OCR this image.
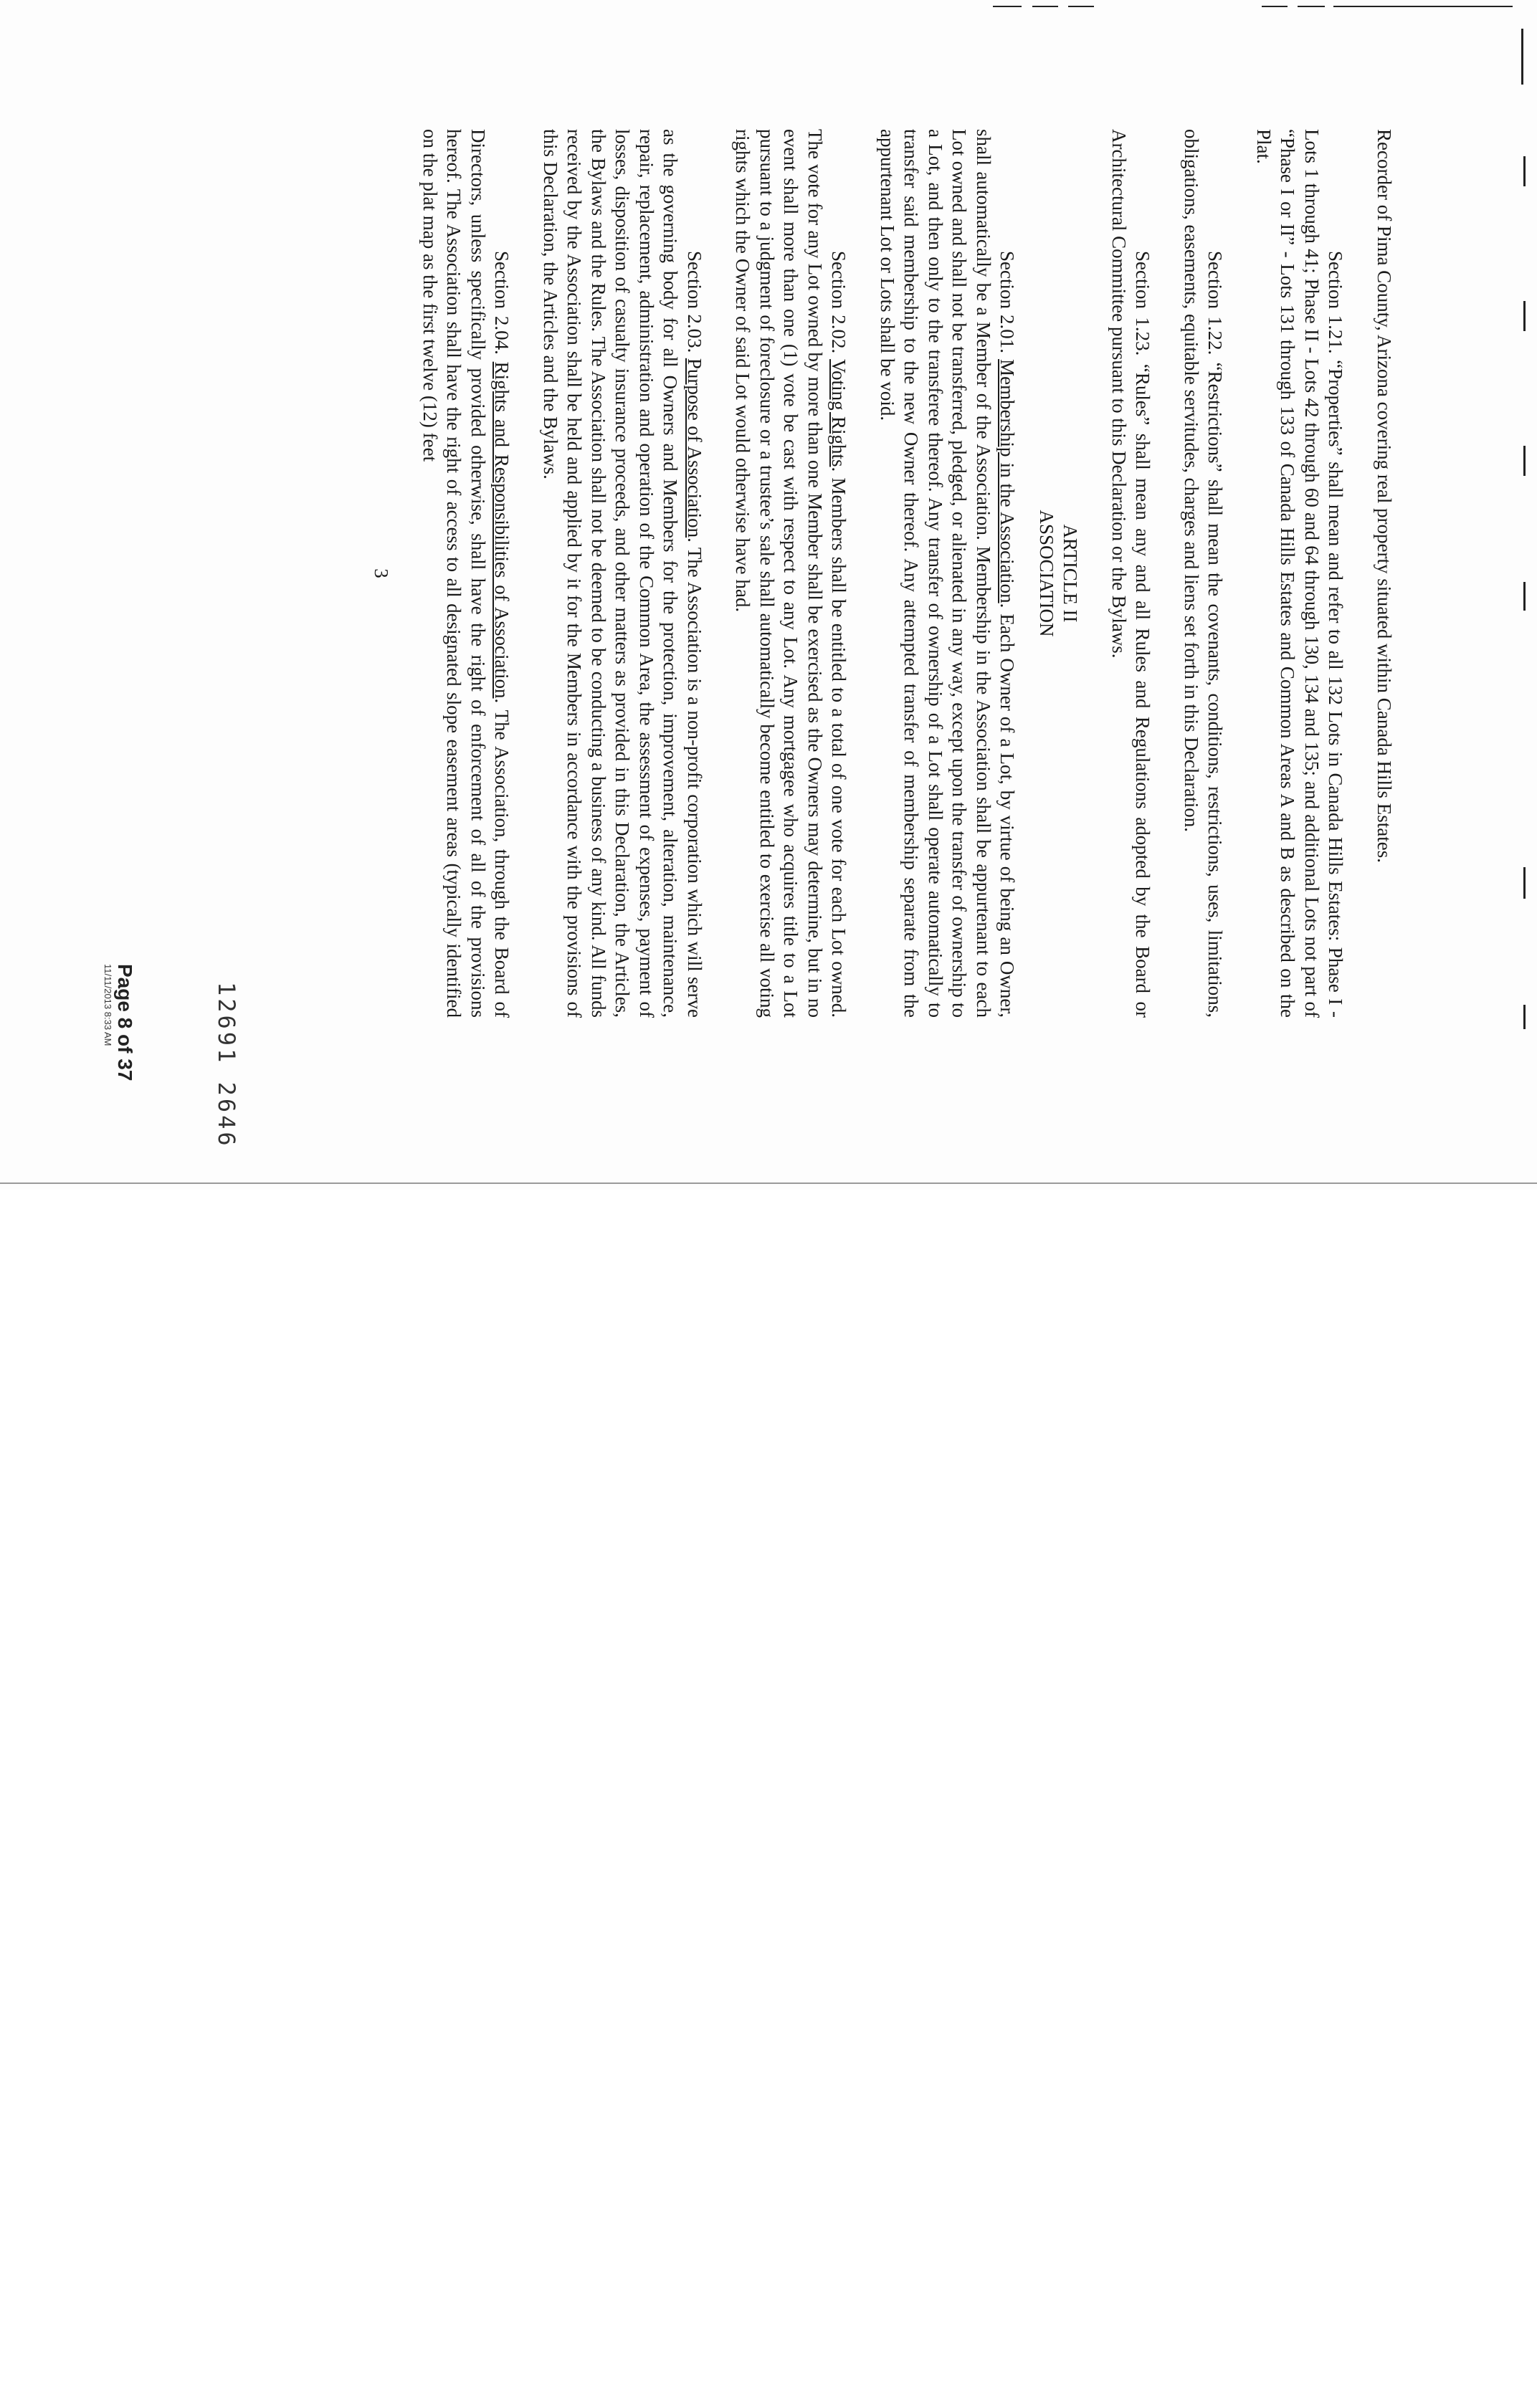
Recorder of Pima County, Arizona covering real property situated within Canada Hills Estates.

Section 1.21. “Properties” shall mean and refer to all 132 Lots in Canada Hills Estates: Phase I - Lots 1 through 41; Phase II - Lots 42 through 60 and 64 through 130, 134 and 135; and additional Lots not part of “Phase I or II” - Lots 131 through 133 of Canada Hills Estates and Common Areas A and B as described on the Plat.

Section 1.22. “Restrictions” shall mean the covenants, conditions, restrictions, uses, limitations, obligations, easements, equitable servitudes, charges and liens set forth in this Declaration.

Section 1.23. “Rules” shall mean any and all Rules and Regulations adopted by the Board or Architectural Committee pursuant to this Declaration or the Bylaws.

ARTICLE II
ASSOCIATION

Section 2.01. Membership in the Association. Each Owner of a Lot, by virtue of being an Owner, shall automatically be a Member of the Association. Membership in the Association shall be appurtenant to each Lot owned and shall not be transferred, pledged, or alienated in any way, except upon the transfer of ownership to a Lot, and then only to the transferee thereof. Any transfer of ownership of a Lot shall operate automatically to transfer said membership to the new Owner thereof. Any attempted transfer of membership separate from the appurtenant Lot or Lots shall be void.

Section 2.02. Voting Rights. Members shall be entitled to a total of one vote for each Lot owned. The vote for any Lot owned by more than one Member shall be exercised as the Owners may determine, but in no event shall more than one (1) vote be cast with respect to any Lot. Any mortgagee who acquires title to a Lot pursuant to a judgment of foreclosure or a trustee’s sale shall automatically become entitled to exercise all voting rights which the Owner of said Lot would otherwise have had.

Section 2.03. Purpose of Association. The Association is a non-profit corporation which will serve as the governing body for all Owners and Members for the protection, improvement, alteration, maintenance, repair, replacement, administration and operation of the Common Area, the assessment of expenses, payment of losses, disposition of casualty insurance proceeds, and other matters as provided in this Declaration, the Articles, the Bylaws and the Rules. The Association shall not be deemed to be conducting a business of any kind. All funds received by the Association shall be held and applied by it for the Members in accordance with the provisions of this Declaration, the Articles and the Bylaws.

Section 2.04. Rights and Responsibilities of Association. The Association, through the Board of Directors, unless specifically provided otherwise, shall have the right of enforcement of all of the provisions hereof. The Association shall have the right of access to all designated slope easement areas (typically identified on the plat map as the first twelve (12) feet

3
12691 2646
Page 8 of 37
11/11/2013 8:33 AM
